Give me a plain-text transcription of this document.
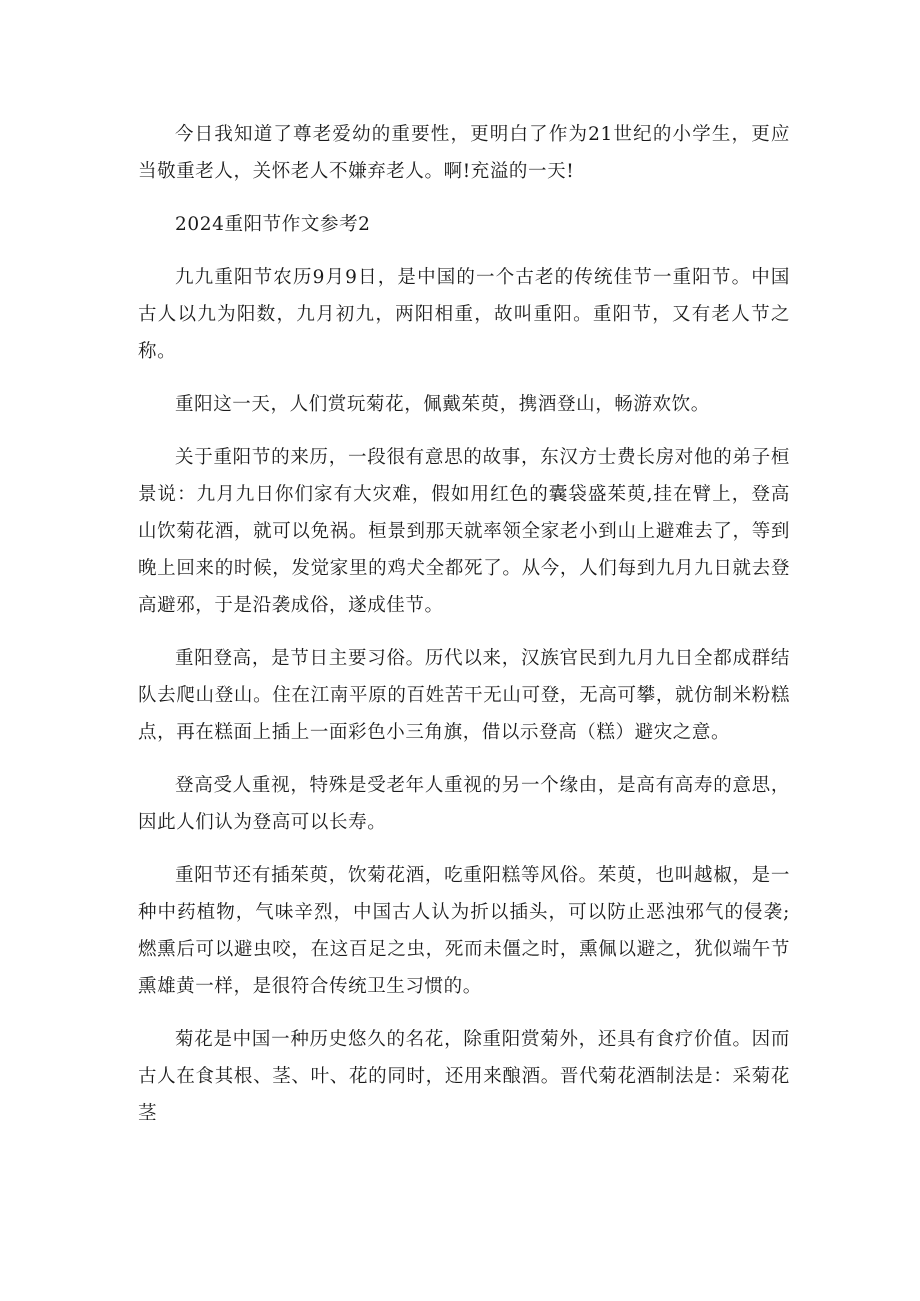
今日我知道了尊老爱幼的重要性，更明白了作为21世纪的小学生，更应当敬重老人，关怀老人不嫌弃老人。啊!充溢的一天!

2024重阳节作文参考2

九九重阳节农历9月9日，是中国的一个古老的传统佳节一重阳节。中国古人以九为阳数，九月初九，两阳相重，故叫重阳。重阳节，又有老人节之称。

重阳这一天，人们赏玩菊花，佩戴茱萸，携酒登山，畅游欢饮。

关于重阳节的来历，一段很有意思的故事，东汉方士费长房对他的弟子桓景说：九月九日你们家有大灾难，假如用红色的囊袋盛茱萸,挂在臂上，登高山饮菊花酒，就可以免祸。桓景到那天就率领全家老小到山上避难去了，等到晚上回来的时候，发觉家里的鸡犬全都死了。从今，人们每到九月九日就去登高避邪，于是沿袭成俗，遂成佳节。

重阳登高，是节日主要习俗。历代以来，汉族官民到九月九日全都成群结队去爬山登山。住在江南平原的百姓苦干无山可登，无高可攀，就仿制米粉糕点，再在糕面上插上一面彩色小三角旗，借以示登高（糕）避灾之意。

登高受人重视，特殊是受老年人重视的另一个缘由，是高有高寿的意思，因此人们认为登高可以长寿。

重阳节还有插茱萸，饮菊花酒，吃重阳糕等风俗。茱萸，也叫越椒，是一种中药植物，气味辛烈，中国古人认为折以插头，可以防止恶浊邪气的侵袭;燃熏后可以避虫咬，在这百足之虫，死而未僵之时，熏佩以避之，犹似端午节熏雄黄一样，是很符合传统卫生习惯的。

菊花是中国一种历史悠久的名花，除重阳赏菊外，还具有食疗价值。因而古人在食其根、茎、叶、花的同时，还用来酿酒。晋代菊花酒制法是：采菊花茎
